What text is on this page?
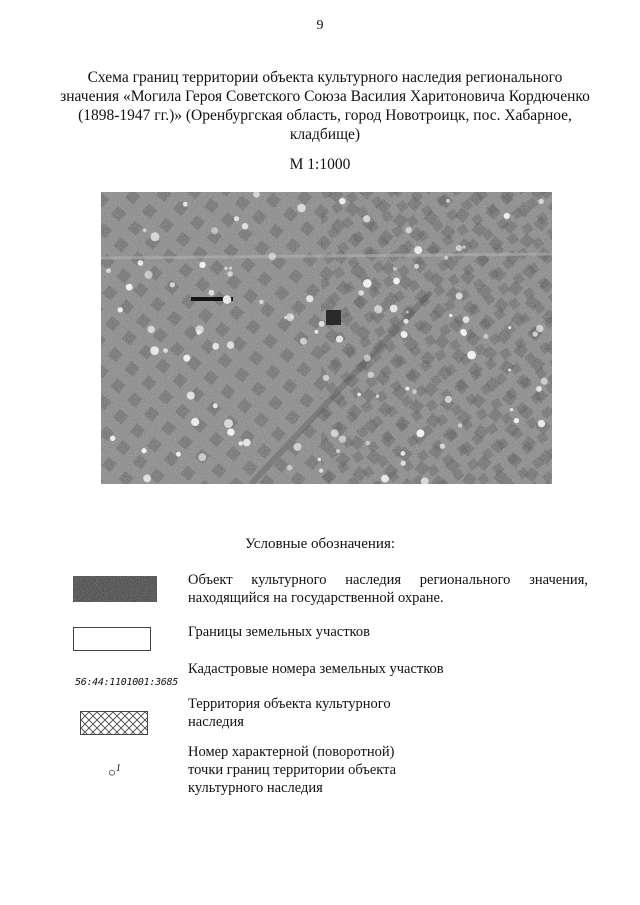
9
Схема границ территории объекта культурного наследия регионального значения «Могила Героя Советского Союза Василия Харитоновича Кордюченко (1898-1947 гг.)» (Оренбургская область, город Новотроицк, пос. Хабарное, кладбище)
М 1:1000
Условные обозначения:
Объект культурного наследия регионального значения, находящийся на государственной охране.
Границы земельных участков
56:44:1101001:3685
Кадастровые номера земельных участков
Территория объекта культурного наследия
○$^1$
Номер характерной (поворотной) точки границ территории объекта культурного наследия
